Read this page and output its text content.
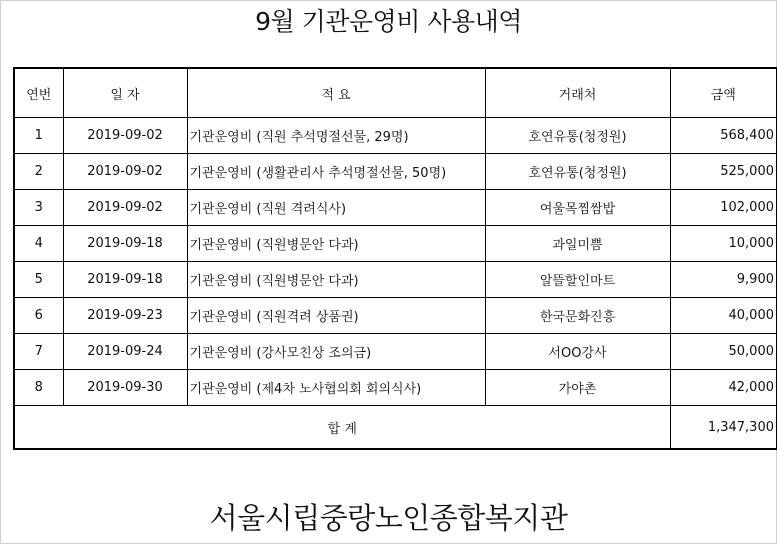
9월 기관운영비 사용내역
연번	일 자	적 요	거래처	금액
1	2019-09-02	기관운영비 (직원 추석명절선물, 29명)	호연유통(청정원)	568,400
2	2019-09-02	기관운영비 (생활관리사 추석명절선물, 50명)	호연유통(청정원)	525,000
3	2019-09-02	기관운영비 (직원 격려식사)	여울목찜쌈밥	102,000
4	2019-09-18	기관운영비 (직원병문안 다과)	과일미쁨	10,000
5	2019-09-18	기관운영비 (직원병문안 다과)	알뜰할인마트	9,900
6	2019-09-23	기관운영비 (직원격려 상품권)	한국문화진흥	40,000
7	2019-09-24	기관운영비 (강사모친상 조의금)	서OO강사	50,000
8	2019-09-30	기관운영비 (제4차 노사협의회 회의식사)	가야촌	42,000
합 계				1,347,300
서울시립중랑노인종합복지관
